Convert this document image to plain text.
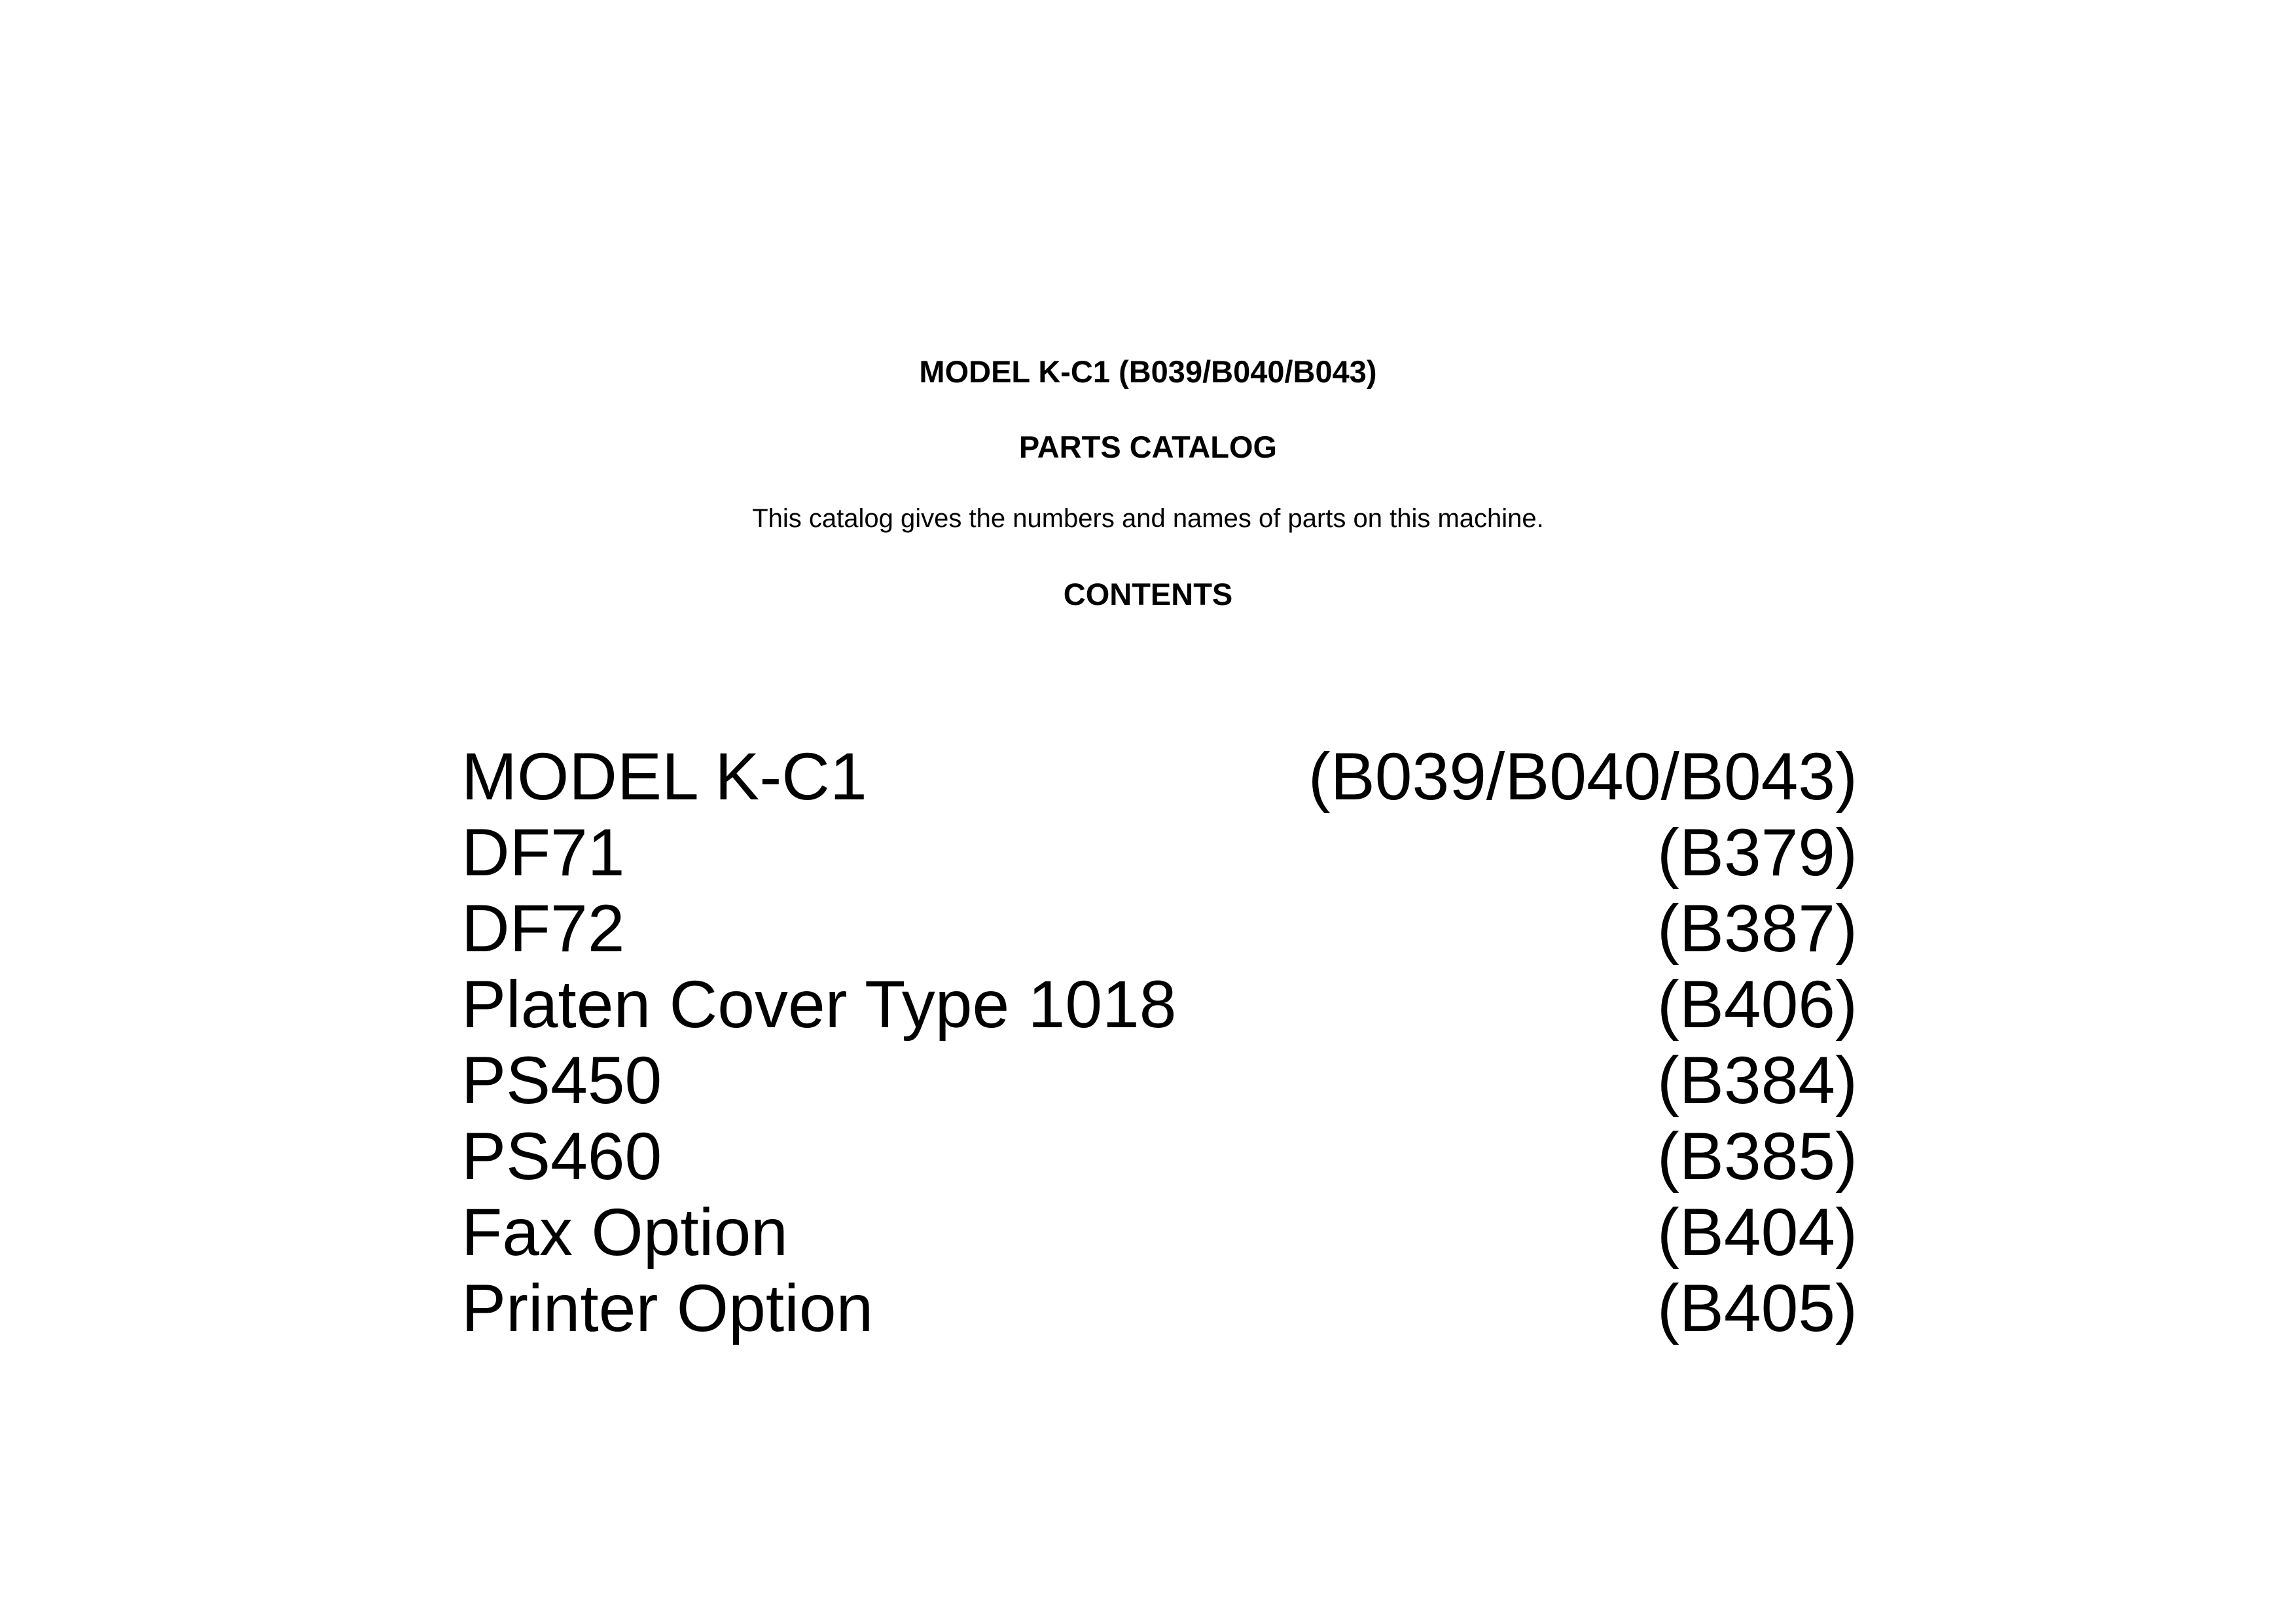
MODEL K-C1 (B039/B040/B043)
PARTS CATALOG
This catalog gives the numbers and names of parts on this machine.
CONTENTS
MODEL K-C1	(B039/B040/B043)
DF71	(B379)
DF72	(B387)
Platen Cover Type 1018	(B406)
PS450	(B384)
PS460	(B385)
Fax Option	(B404)
Printer Option	(B405)
